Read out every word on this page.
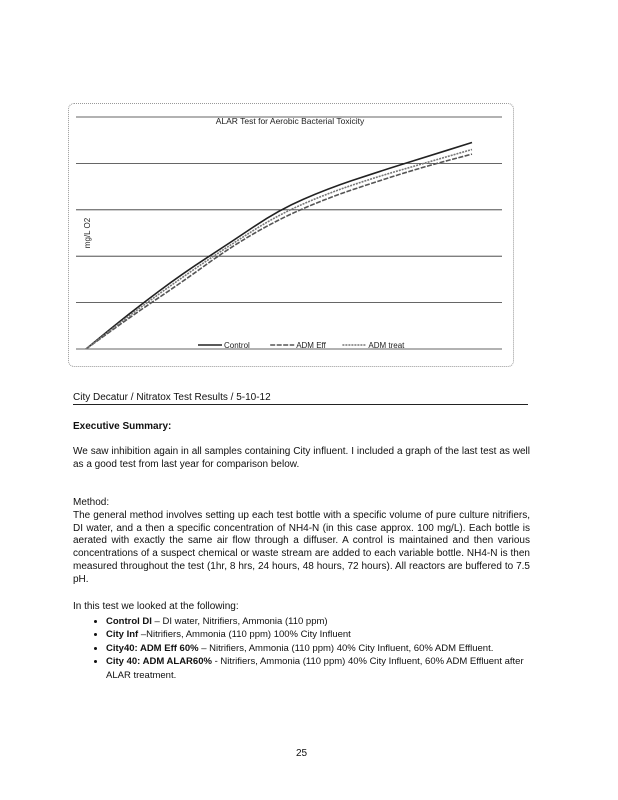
ALAR Test for Aerobic Bacterial Toxicity
mg/L O2
Control	ADM Eff	ADM treat
City Decatur / Nitratox Test Results / 5-10-12
Executive Summary:

We saw inhibition again in all samples containing City influent. I included a graph of the last test as well as a good test from last year for comparison below.

Method:

The general method involves setting up each test bottle with a specific volume of pure culture nitrifiers, DI water, and a then a specific concentration of NH4-N (in this case approx. 100 mg/L). Each bottle is aerated with exactly the same air flow through a diffuser. A control is maintained and then various concentrations of a suspect chemical or waste stream are added to each variable bottle. NH4-N is then measured throughout the test (1hr, 8 hrs, 24 hours, 48 hours, 72 hours). All reactors are buffered to 7.5 pH.

In this test we looked at the following:

• Control DI – DI water, Nitrifiers, Ammonia (110 ppm)
• City Inf –Nitrifiers, Ammonia (110 ppm) 100% City Influent
• City40: ADM Eff 60% – Nitrifiers, Ammonia (110 ppm) 40% City Influent, 60% ADM Effluent.
• City 40: ADM ALAR60% - Nitrifiers, Ammonia (110 ppm) 40% City Influent, 60% ADM Effluent after ALAR treatment.
25
